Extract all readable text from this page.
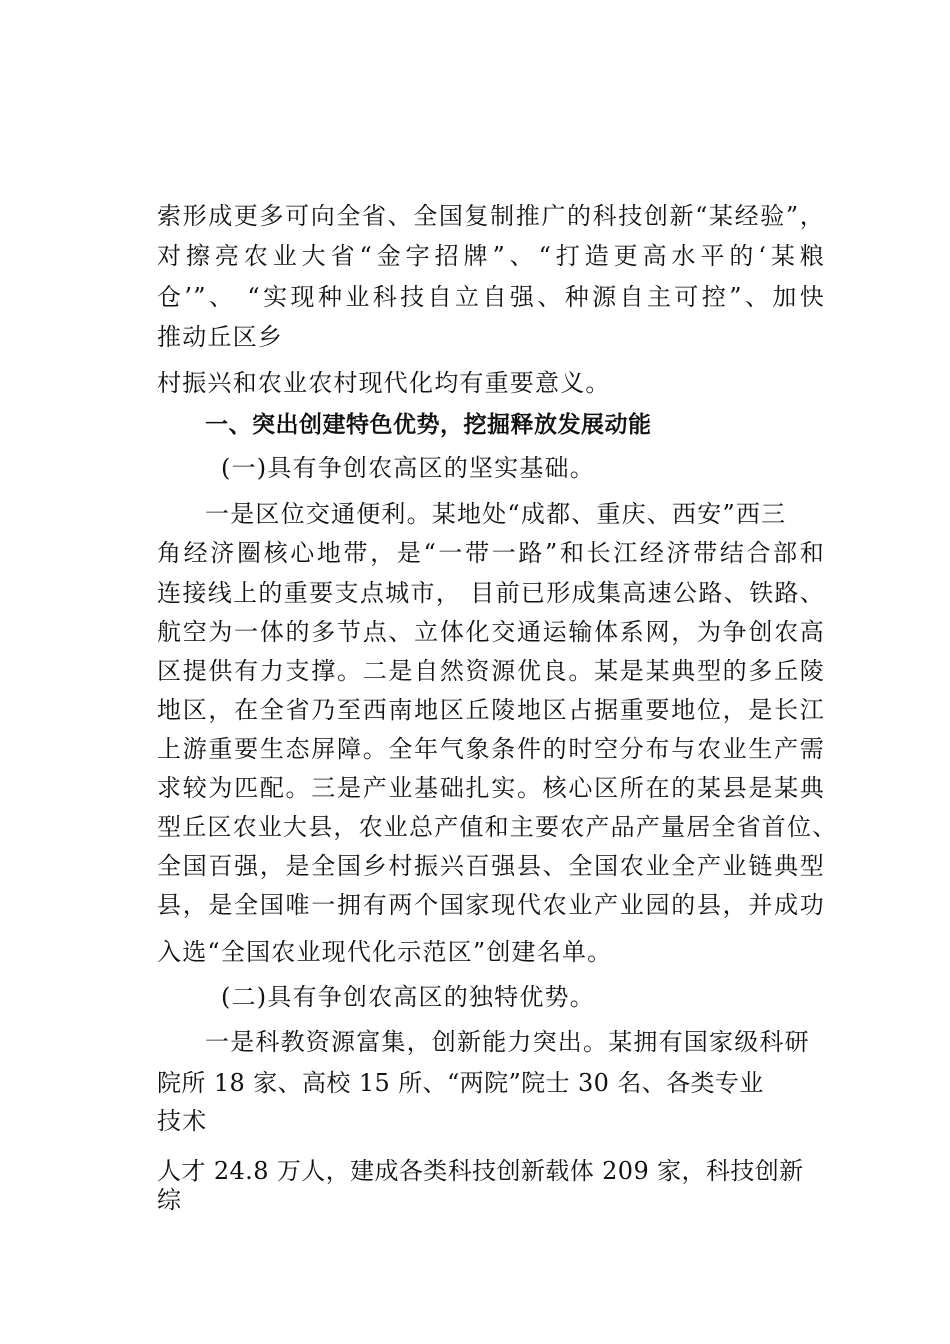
索形成更多可向全省、全国复制推广的科技创新“某经验”，
对擦亮农业大省“金字招牌”、“打造更高水平的‘某粮
仓’”、 “实现种业科技自立自强、种源自主可控”、加快
推动丘区乡
村振兴和农业农村现代化均有重要意义。
一、突出创建特色优势，挖掘释放发展动能
(一)具有争创农高区的坚实基础。
一是区位交通便利。某地处“成都、重庆、西安”西三
角经济圈核心地带，是“一带一路”和长江经济带结合部和
连接线上的重要支点城市， 目前已形成集高速公路、铁路、
航空为一体的多节点、立体化交通运输体系网，为争创农高
区提供有力支撑。二是自然资源优良。某是某典型的多丘陵
地区，在全省乃至西南地区丘陵地区占据重要地位，是长江
上游重要生态屏障。全年气象条件的时空分布与农业生产需
求较为匹配。三是产业基础扎实。核心区所在的某县是某典
型丘区农业大县，农业总产值和主要农产品产量居全省首位、
全国百强，是全国乡村振兴百强县、全国农业全产业链典型
县，是全国唯一拥有两个国家现代农业产业园的县，并成功
入选“全国农业现代化示范区”创建名单。
(二)具有争创农高区的独特优势。
一是科教资源富集，创新能力突出。某拥有国家级科研
院所 18 家、高校 15 所、“两院”院士 30 名、各类专业
技术
人才 24.8 万人，建成各类科技创新载体 209 家，科技创新
综
